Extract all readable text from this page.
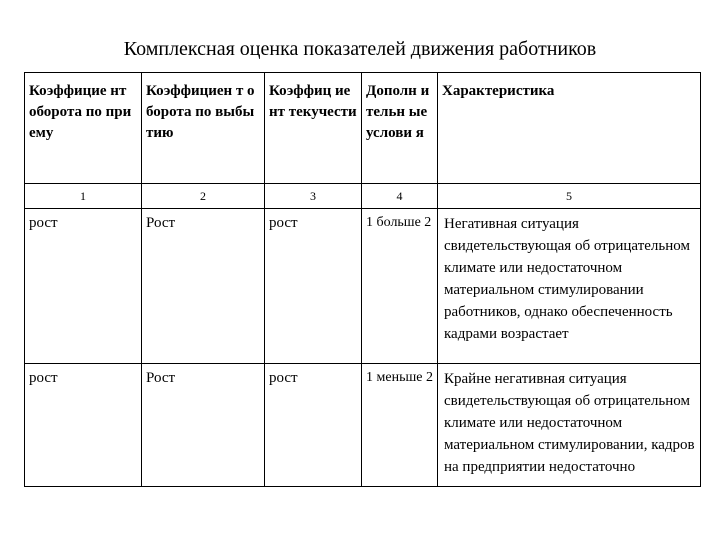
Комплексная оценка показателей движения работников
Коэффицие нт оборота по приему	Коэффициен т оборота по выбытию	Коэффиц иент текучести	Дополн ительн ые услови я	Характеристика
1	2	3	4	5
рост	Рост	рост	1 больше 2	Негативная ситуация свидетельствующая об отрицательном климате или недостаточном материальном стимулировании работников, однако обеспеченность кадрами возрастает
рост	Рост	рост	1 меньше 2	Крайне негативная ситуация свидетельствующая об отрицательном климате или недостаточном материальном стимулировании, кадров на предприятии недостаточно
